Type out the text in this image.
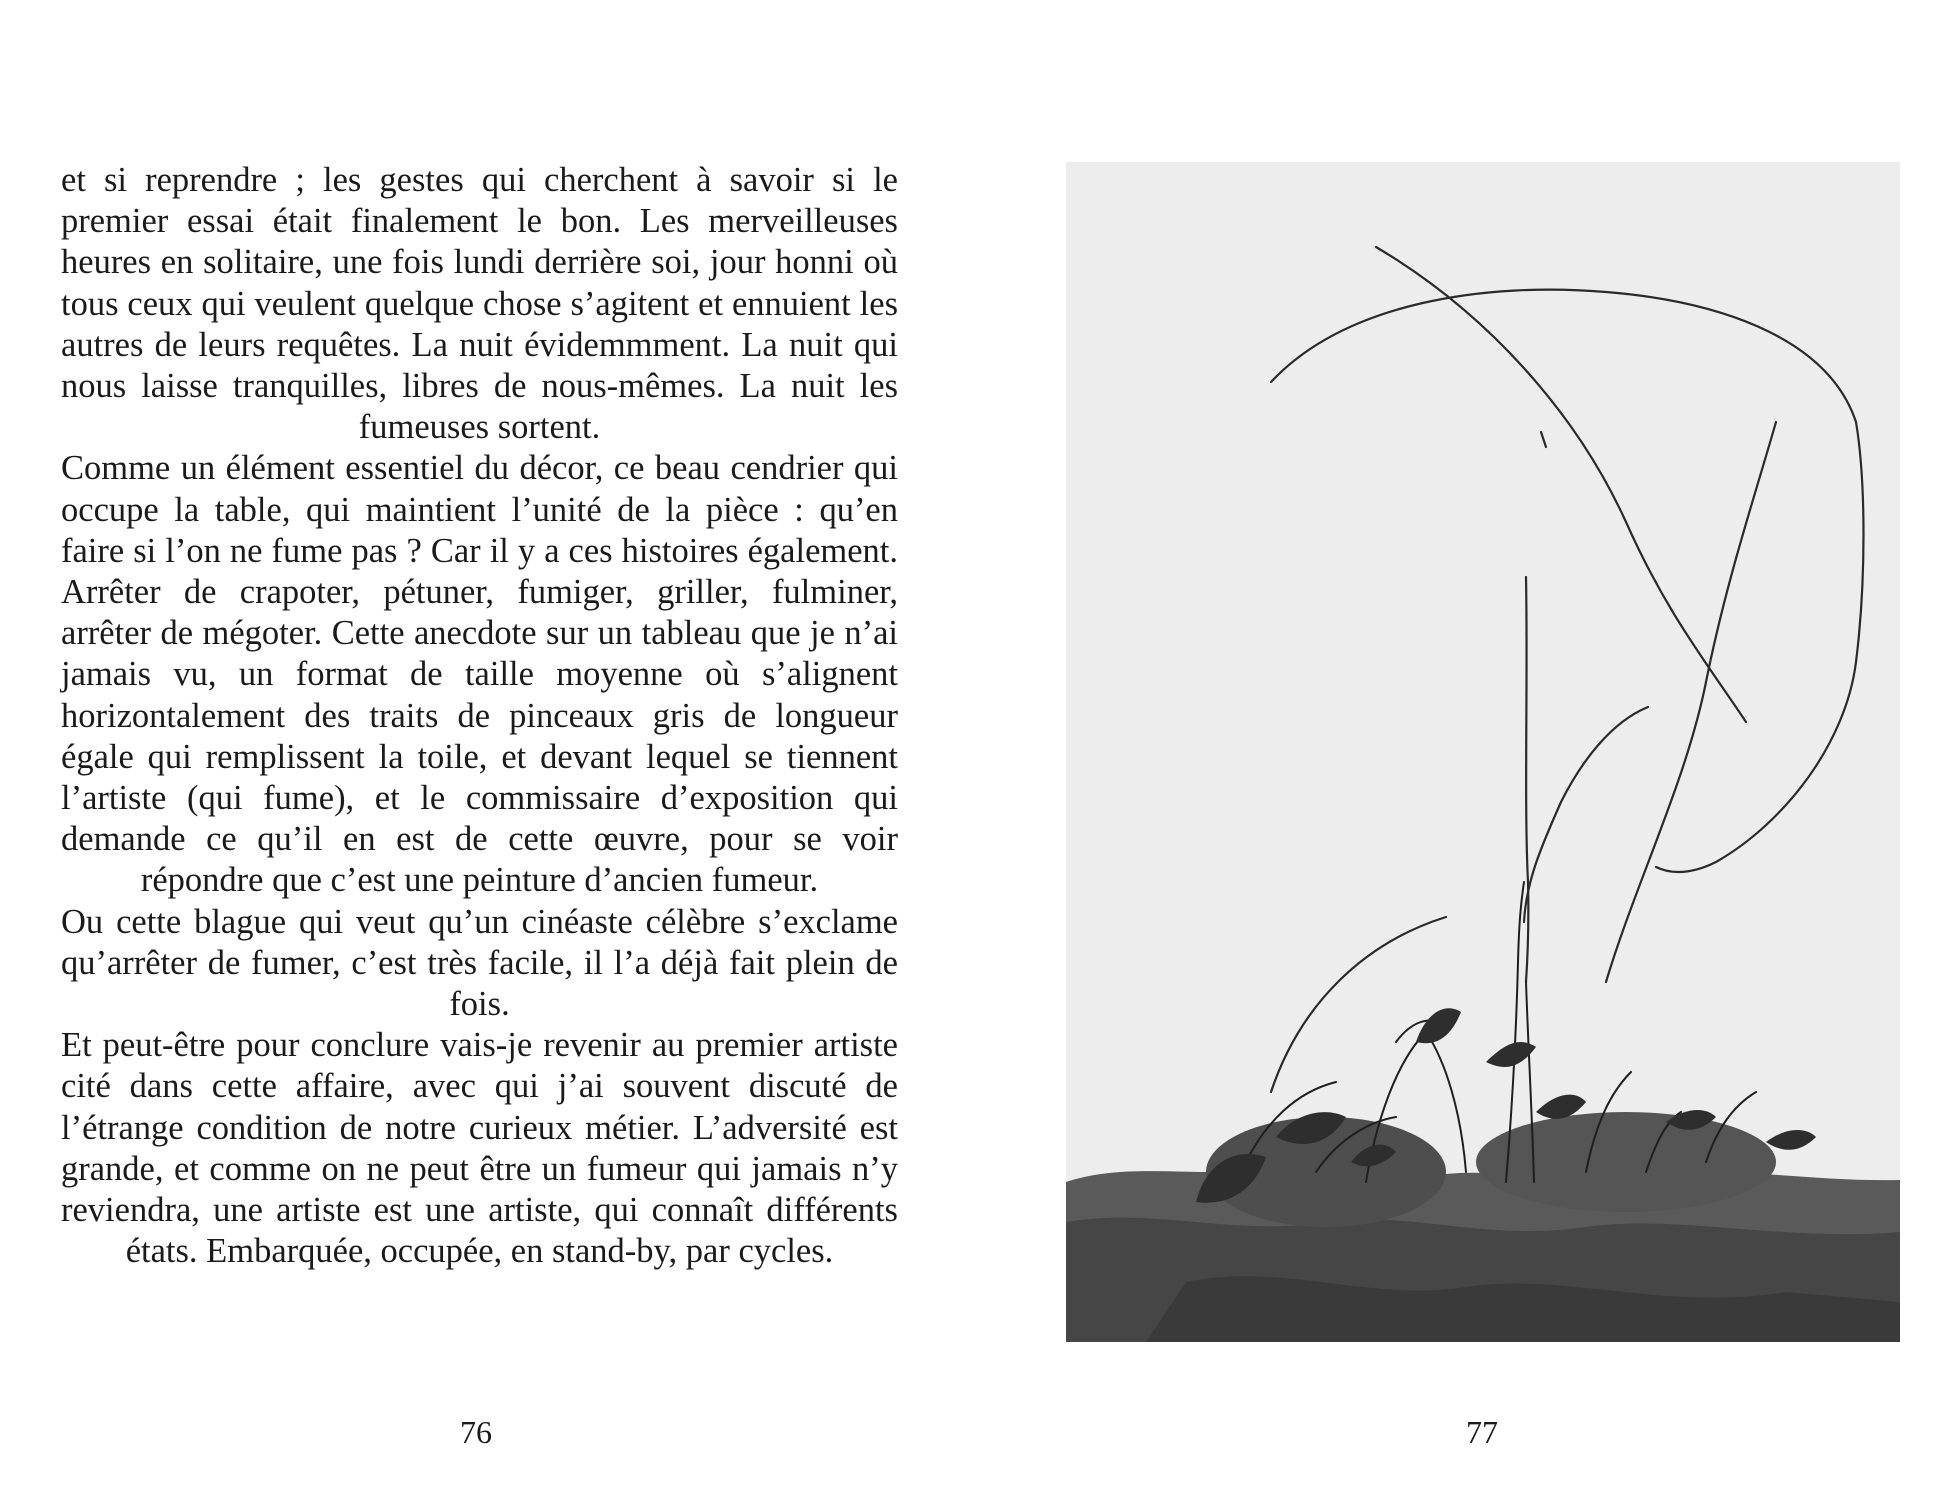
et si reprendre ; les gestes qui cherchent à savoir si le premier essai était finalement le bon. Les merveilleuses heures en solitaire, une fois lundi derrière soi, jour honni où tous ceux qui veulent quelque chose s’agitent et ennuient les autres de leurs requêtes. La nuit évidemmment. La nuit qui nous laisse tranquilles, libres de nous-mêmes. La nuit les fumeuses sortent.

Comme un élément essentiel du décor, ce beau cendrier qui occupe la table, qui maintient l’unité de la pièce : qu’en faire si l’on ne fume pas ? Car il y a ces histoires également. Arrêter de crapoter, pétuner, fumiger, griller, fulminer, arrêter de mégoter. Cette anecdote sur un tableau que je n’ai jamais vu, un format de taille moyenne où s’alignent horizontalement des traits de pinceaux gris de longueur égale qui remplissent la toile, et devant lequel se tiennent l’artiste (qui fume), et le commissaire d’exposition qui demande ce qu’il en est de cette œuvre, pour se voir répondre que c’est une peinture d’ancien fumeur.

Ou cette blague qui veut qu’un cinéaste célèbre s’exclame qu’arrêter de fumer, c’est très facile, il l’a déjà fait plein de fois.

Et peut-être pour conclure vais-je revenir au premier artiste cité dans cette affaire, avec qui j’ai souvent discuté de l’étrange condition de notre curieux métier. L’adversité est grande, et comme on ne peut être un fumeur qui jamais n’y reviendra, une artiste est une artiste, qui connaît différents états. Embarquée, occupée, en stand-by, par cycles.

76	77
